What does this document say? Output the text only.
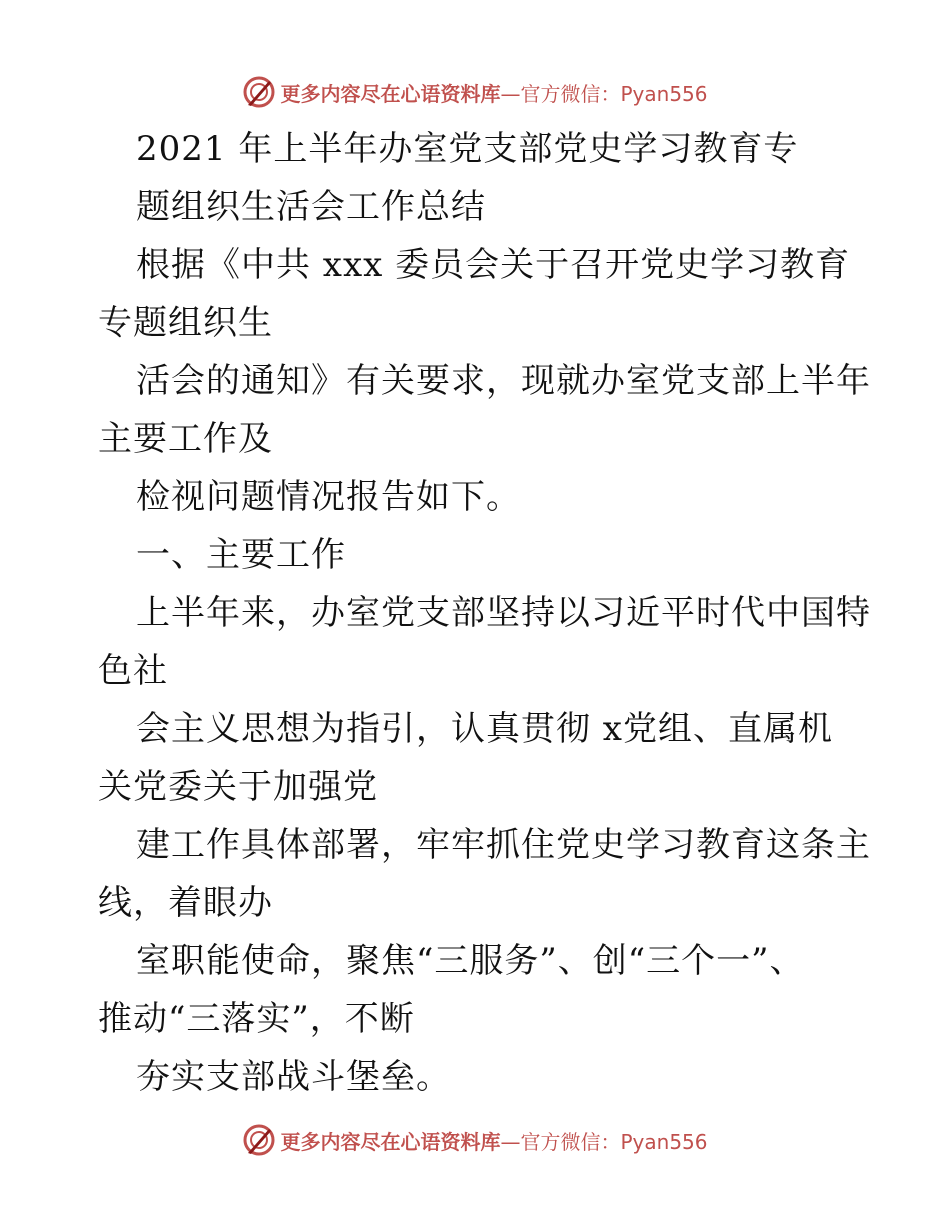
更多内容尽在心语资料库—官方微信：Pyan556
2021 年上半年办室党支部党史学习教育专
题组织生活会工作总结
根据《中共 xxx 委员会关于召开党史学习教育
专题组织生
活会的通知》有关要求，现就办室党支部上半年
主要工作及
检视问题情况报告如下。
一、主要工作
上半年来，办室党支部坚持以习近平时代中国特
色社
会主义思想为指引，认真贯彻 x党组、直属机
关党委关于加强党
建工作具体部署，牢牢抓住党史学习教育这条主
线，着眼办
室职能使命，聚焦“三服务”、创“三个一”、
推动“三落实”，不断
夯实支部战斗堡垒。
更多内容尽在心语资料库—官方微信：Pyan556
